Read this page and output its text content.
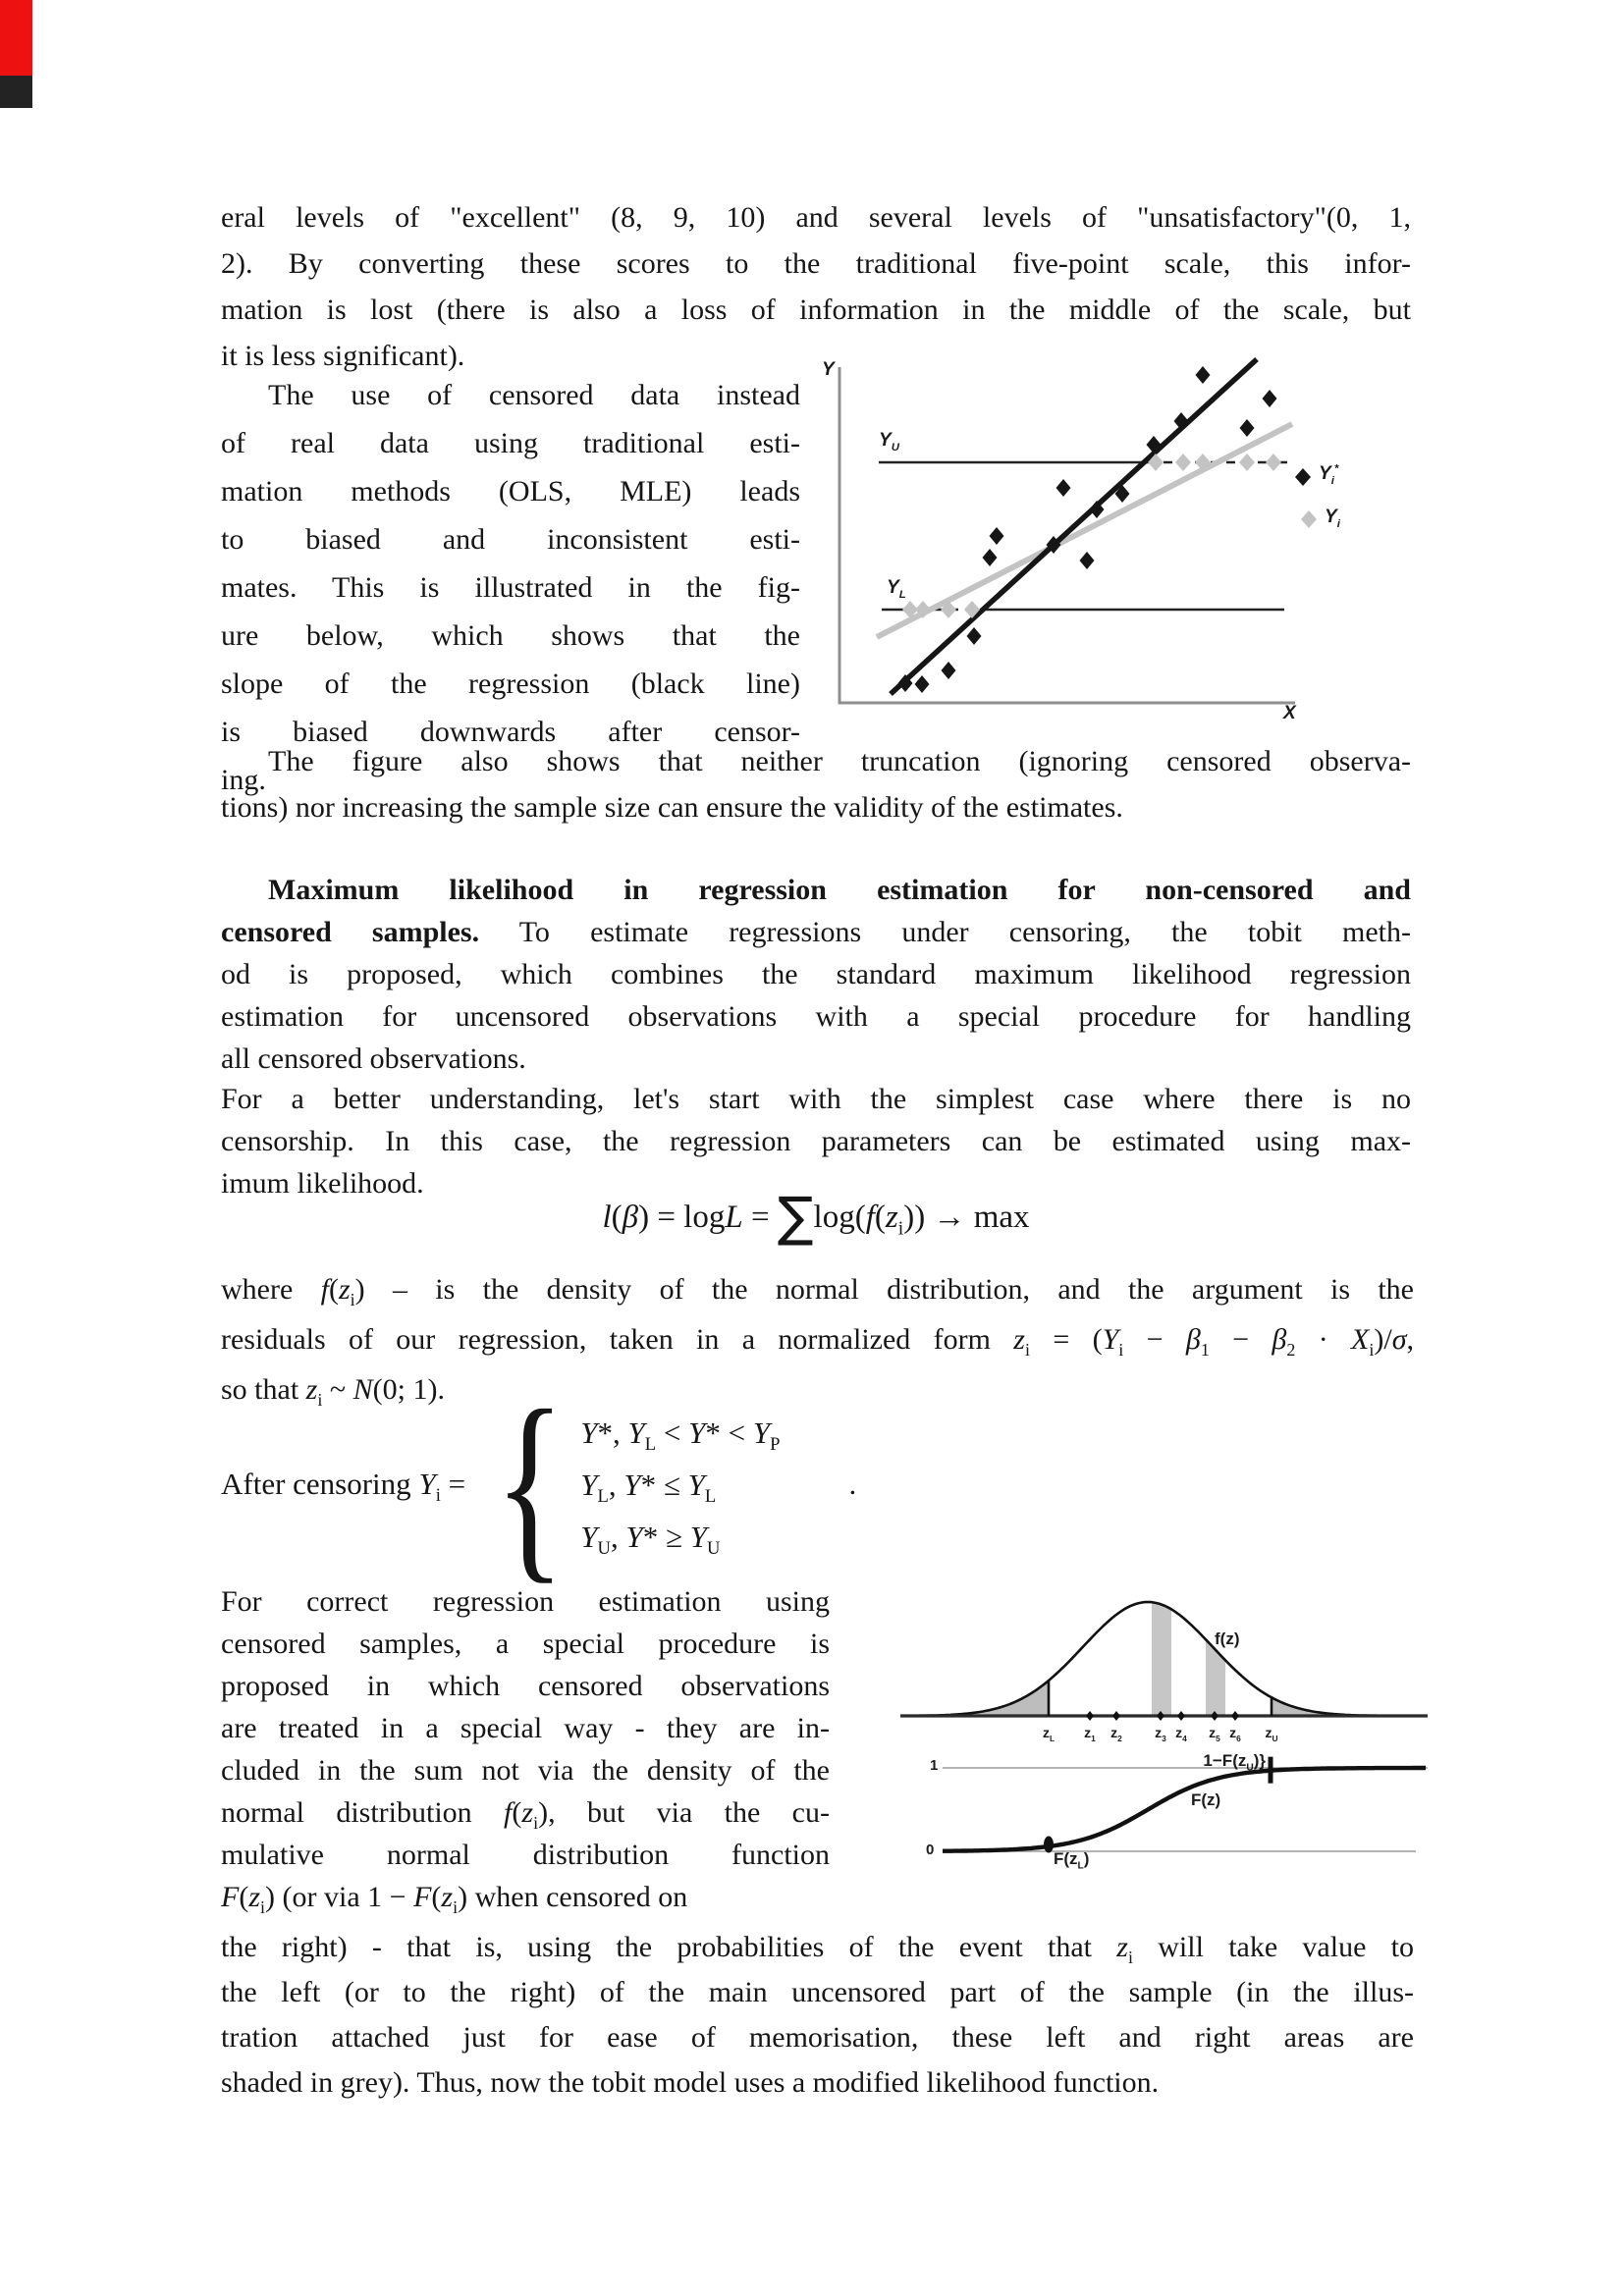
eral levels of "excellent" (8, 9, 10) and several levels of "unsatisfactory"(0, 1,
2). By converting these scores to the traditional five-point scale, this infor-
mation is lost (there is also a loss of information in the middle of the scale, but
it is less significant).
The use of censored data instead
of real data using traditional esti-
mation methods (OLS, MLE) leads
to biased and inconsistent esti-
mates. This is illustrated in the fig-
ure below, which shows that the
slope of the regression (black line)
is biased downwards after censor-
ing.
Y
X
$Y_U$
$Y_L$
$Y_i^*$
$Y_i$
The figure also shows that neither truncation (ignoring censored observa-
tions) nor increasing the sample size can ensure the validity of the estimates.
Maximum likelihood in regression estimation for non-censored and
censored samples. To estimate regressions under censoring, the tobit meth-
od is proposed, which combines the standard maximum likelihood regression
estimation for uncensored observations with a special procedure for handling
all censored observations.
For a better understanding, let's start with the simplest case where there is no
censorship. In this case, the regression parameters can be estimated using max-
imum likelihood.
$l(\beta) = \log L = \sum\log(f(z_i)) \to \max$
where $f(z_i)$ – is the density of the normal distribution, and the argument is the
residuals of our regression, taken in a normalized form $z_i = (Y_i - \beta_1 - \beta_2 \cdot X_i)/\sigma$,
so that $z_i$ ~ N(0; 1).
After censoring $Y_i$ = { Y*, $Y_L < Y* < Y_P$
$Y_L$, $Y* \le Y_L$
$Y_U$, $Y* \ge Y_U$
.
For correct regression estimation using
censored samples, a special procedure is
proposed in which censored observations
are treated in a special way - they are in-
cluded in the sum not via the density of the
normal distribution $f(z_i)$, but via the cu-
mulative normal distribution function
$F(z_i)$ (or via $1 - F(z_i)$ when censored on
f(z)
$z_L$ $z_1$ $z_2$ $z_3$ $z_4$ $z_5$ $z_6$ $z_U$
1
0
$1-F(z_U)$}
F(z)
$F(z_L)$
the right) - that is, using the probabilities of the event that $z_i$ will take value to
the left (or to the right) of the main uncensored part of the sample (in the illus-
tration attached just for ease of memorisation, these left and right areas are
shaded in grey). Thus, now the tobit model uses a modified likelihood function.
